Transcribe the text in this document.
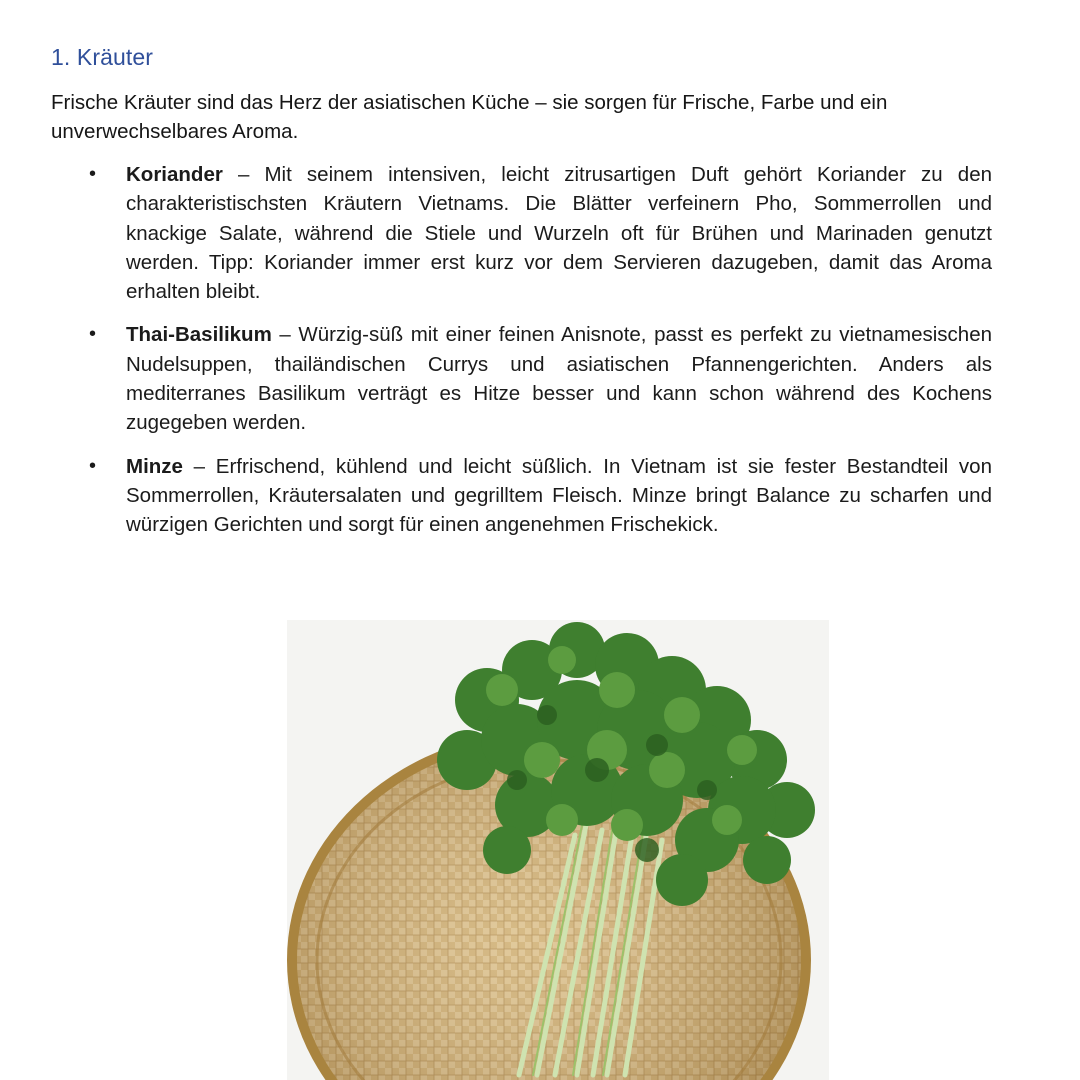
1. Kräuter

Frische Kräuter sind das Herz der asiatischen Küche – sie sorgen für Frische, Farbe und ein unverwechselbares Aroma.

• Koriander – Mit seinem intensiven, leicht zitrusartigen Duft gehört Koriander zu den charakteristischsten Kräutern Vietnams. Die Blätter verfeinern Pho, Sommerrollen und knackige Salate, während die Stiele und Wurzeln oft für Brühen und Marinaden genutzt werden. Tipp: Koriander immer erst kurz vor dem Servieren dazugeben, damit das Aroma erhalten bleibt.

• Thai-Basilikum – Würzig-süß mit einer feinen Anisnote, passt es perfekt zu vietnamesischen Nudelsuppen, thailändischen Currys und asiatischen Pfannengerichten. Anders als mediterranes Basilikum verträgt es Hitze besser und kann schon während des Kochens zugegeben werden.

• Minze – Erfrischend, kühlend und leicht süßlich. In Vietnam ist sie fester Bestandteil von Sommerrollen, Kräutersalaten und gegrilltem Fleisch. Minze bringt Balance zu scharfen und würzigen Gerichten und sorgt für einen angenehmen Frischekick.
